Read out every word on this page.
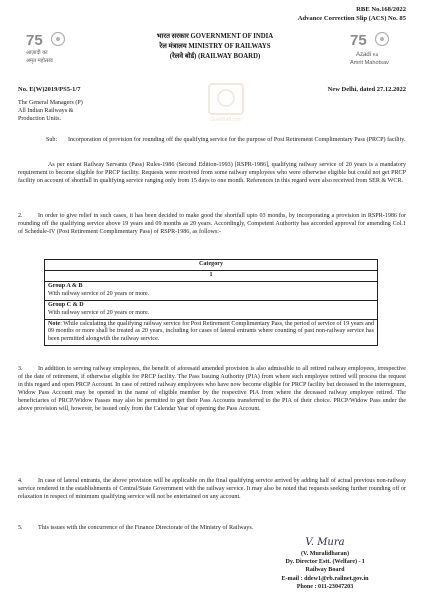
RBE No.168/2022
Advance Correction Slip (ACS) No. 85
75
आज़ादी का
अमृत महोत्सव
75
Azadi Ka
Amrit Mahotsav
भारत सरकार GOVERNMENT OF INDIA
रेल मंत्रालय MINISTRY OF RAILWAYS
(रेलवे बोर्ड) (RAILWAY BOARD)
GovtStaff.com
No. E(W)2019/PS5-1/7	New Delhi, dated 27.12.2022
The General Managers (P)
All Indian Railways &
Production Units.
Sub:	Incorporation of provision for rounding off the qualifying service for the purpose of Post Retirement Complimentary Pass (PRCP) facility.
As per extant Railway Servants (Pass) Rules-1986 (Second Edition-1993) [RSPR-1986], qualifying railway service of 20 years is a mandatory requirement to become eligible for PRCP facility. Requests were received from some railway employees who were otherwise eligible but could not get PRCP facility on account of shortfall in qualifying service ranging only from 15 days to one month. References in this regard were also received from SER & WCR.
2.	In order to give relief in such cases, it has been decided to make good the shortfall upto 03 months, by incorporating a provision in RSPR-1986 for rounding off the qualifying service above 19 years and 09 months as 20 years. Accordingly, Competent Authority has accorded approval for amending Col.1 of Schedule-IV (Post Retirement Complimentary Pass) of RSPR-1986, as follows:-
Category
1

Group A & B
With railway service of 20 years or more.

Group C & D
With railway service of 20 years or more.

Note: While calculating the qualifying railway service for Post Retirement Complimentary Pass, the period of service of 19 years and 09 months or more shall be treated as 20 years, including for cases of lateral entrants where counting of past non-railway service has been permitted alongwith the railway service.
3.	In addition to serving railway employees, the benefit of aforesaid amended provision is also admissible to all retired railway employees, irrespective of the date of retirement, if otherwise eligible for PRCP facility. The Pass Issuing Authority (PIA) from where such employee retired will process the request in this regard and open PRCP Account. In case of retired railway employees who have now become eligible for PRCP facility but deceased in the interregnum, Widow Pass Account may be opened in the name of eligible member by the respective PIA from where the deceased railway employee retired. The beneficiaries of PRCP/Widow Passes may also be permitted to get their Pass Accounts transferred to the PIA of their choice. PRCP/Widow Pass under the above provision will, however, be issued only from the Calendar Year of opening the Pass Account.
4.	In case of lateral entrants, the above provision will be applicable on the final qualifying service arrived by adding half of actual previous non-railway service rendered in the establishments of Central/State Government with the railway service. It may also be noted that requests seeking further rounding off or relaxation in respect of minimum qualifying service will not be entertained on any account.
5.	This issues with the concurrence of the Finance Directorate of the Ministry of Railways.
V. Mura
(V. Muralidharan)
Dy. Director Estt. (Welfare) - I
Railway Board
E-mail : ddew1@rb.railnet.gov.in
Phone : 011-23047203
